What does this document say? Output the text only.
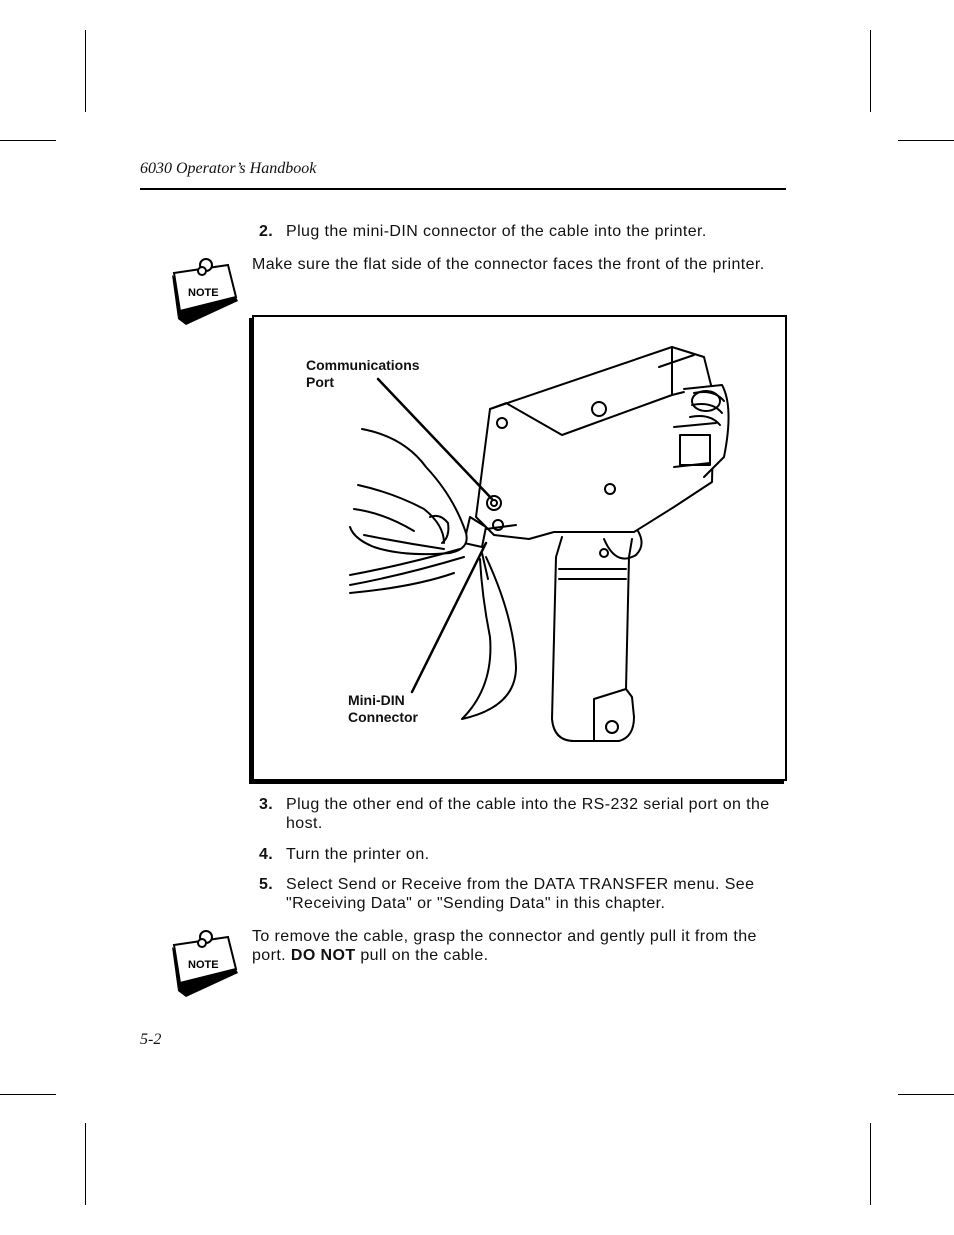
6030 Operator’s Handbook
2. Plug the mini-DIN connector of the cable into the printer.
NOTE
Make sure the flat side of the connector faces the front of the printer.
Communications
Port
Mini-DIN
Connector
3. Plug the other end of the cable into the RS-232 serial port on the host.
4. Turn the printer on.
5. Select Send or Receive from the DATA TRANSFER menu. See "Receiving Data" or "Sending Data" in this chapter.
NOTE
To remove the cable, grasp the connector and gently pull it from the port. DO NOT pull on the cable.
5-2
